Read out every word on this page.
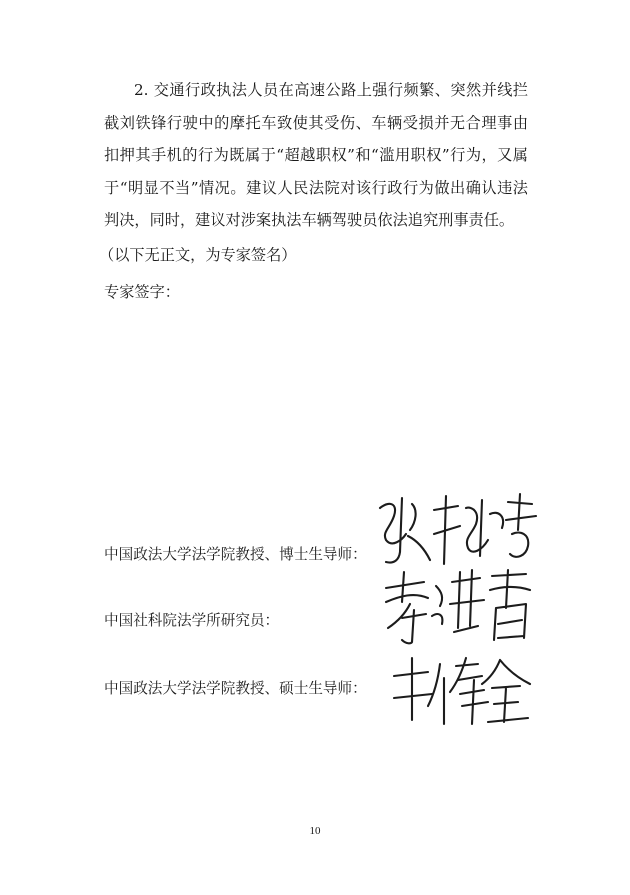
2. 交通行政执法人员在高速公路上强行频繁、突然并线拦截刘铁锋行驶中的摩托车致使其受伤、车辆受损并无合理事由扣押其手机的行为既属于“超越职权”和“滥用职权”行为，又属于“明显不当”情况。建议人民法院对该行政行为做出确认违法判决，同时，建议对涉案执法车辆驾驶员依法追究刑事责任。

（以下无正文，为专家签名）
专家签字：
中国政法大学法学院教授、博士生导师：
中国社科院法学所研究员：
中国政法大学法学院教授、硕士生导师：
10
